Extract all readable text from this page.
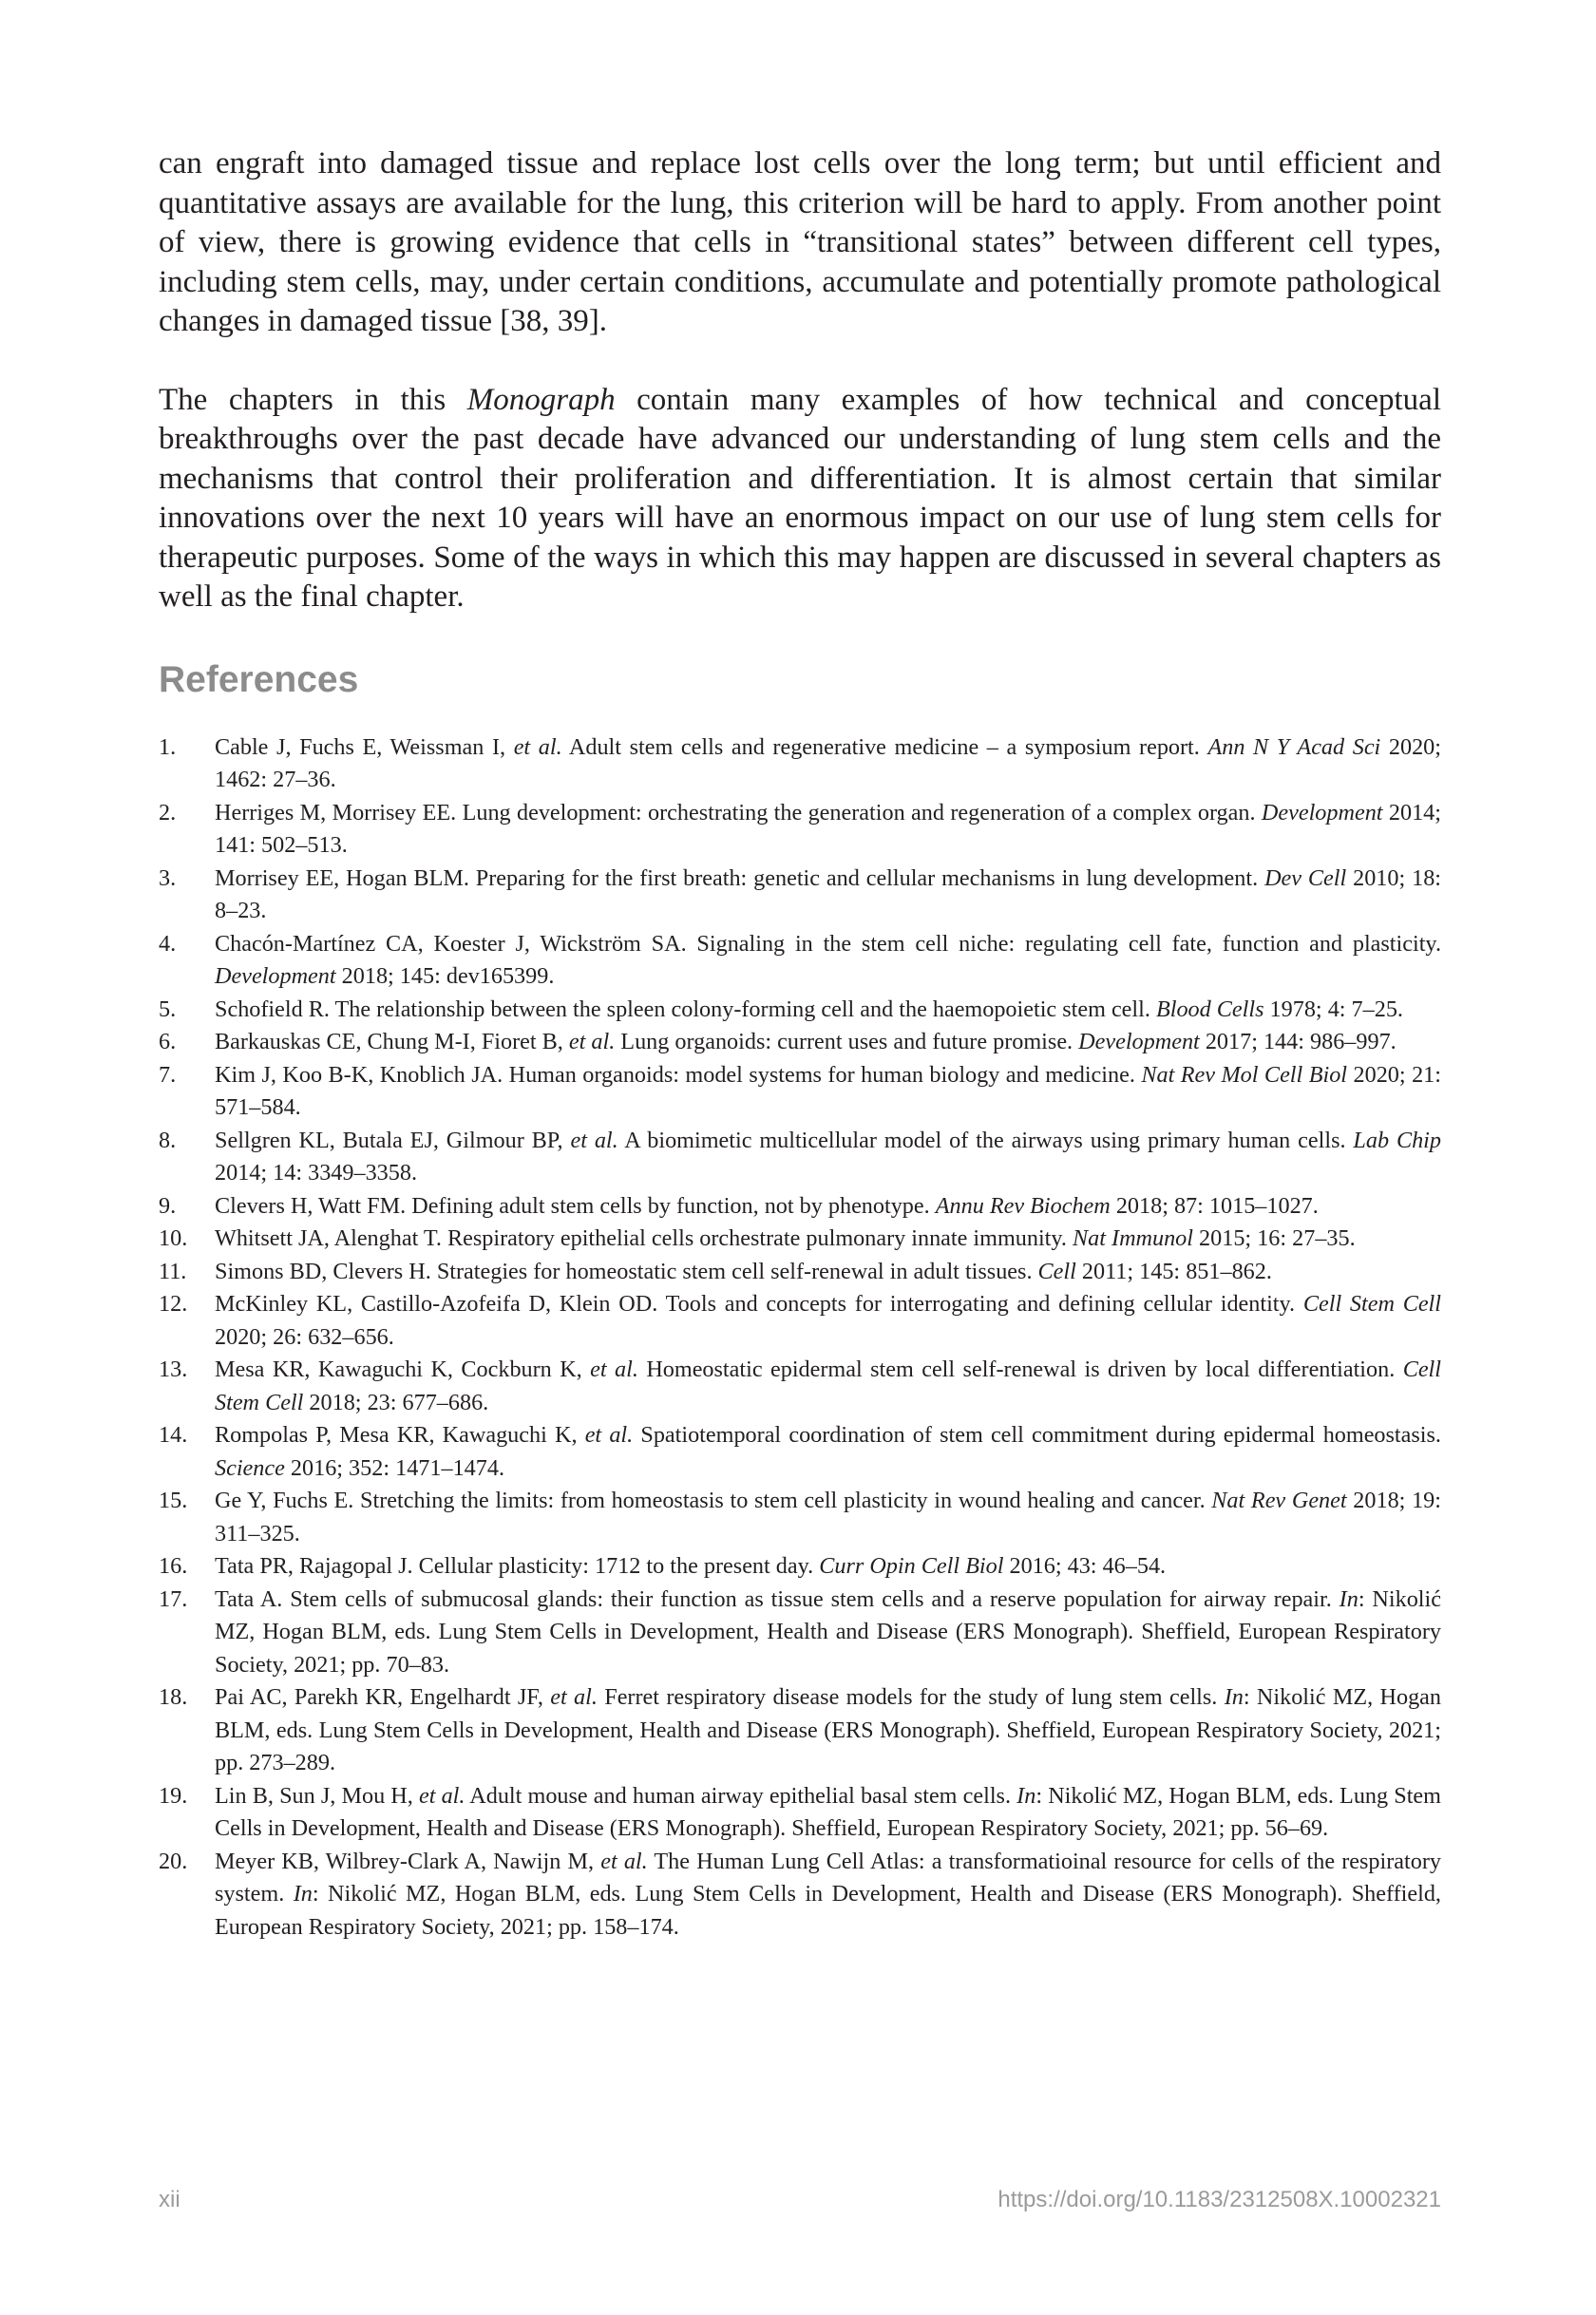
can engraft into damaged tissue and replace lost cells over the long term; but until efficient and quantitative assays are available for the lung, this criterion will be hard to apply. From another point of view, there is growing evidence that cells in “transitional states” between different cell types, including stem cells, may, under certain conditions, accumulate and potentially promote pathological changes in damaged tissue [38, 39].

The chapters in this Monograph contain many examples of how technical and conceptual breakthroughs over the past decade have advanced our understanding of lung stem cells and the mechanisms that control their proliferation and differentiation. It is almost certain that similar innovations over the next 10 years will have an enormous impact on our use of lung stem cells for therapeutic purposes. Some of the ways in which this may happen are discussed in several chapters as well as the final chapter.

References
1. Cable J, Fuchs E, Weissman I, et al. Adult stem cells and regenerative medicine – a symposium report. Ann N Y Acad Sci 2020; 1462: 27–36.
2. Herriges M, Morrisey EE. Lung development: orchestrating the generation and regeneration of a complex organ. Development 2014; 141: 502–513.
3. Morrisey EE, Hogan BLM. Preparing for the first breath: genetic and cellular mechanisms in lung development. Dev Cell 2010; 18: 8–23.
4. Chacón-Martínez CA, Koester J, Wickström SA. Signaling in the stem cell niche: regulating cell fate, function and plasticity. Development 2018; 145: dev165399.
5. Schofield R. The relationship between the spleen colony-forming cell and the haemopoietic stem cell. Blood Cells 1978; 4: 7–25.
6. Barkauskas CE, Chung M-I, Fioret B, et al. Lung organoids: current uses and future promise. Development 2017; 144: 986–997.
7. Kim J, Koo B-K, Knoblich JA. Human organoids: model systems for human biology and medicine. Nat Rev Mol Cell Biol 2020; 21: 571–584.
8. Sellgren KL, Butala EJ, Gilmour BP, et al. A biomimetic multicellular model of the airways using primary human cells. Lab Chip 2014; 14: 3349–3358.
9. Clevers H, Watt FM. Defining adult stem cells by function, not by phenotype. Annu Rev Biochem 2018; 87: 1015–1027.
10. Whitsett JA, Alenghat T. Respiratory epithelial cells orchestrate pulmonary innate immunity. Nat Immunol 2015; 16: 27–35.
11. Simons BD, Clevers H. Strategies for homeostatic stem cell self-renewal in adult tissues. Cell 2011; 145: 851–862.
12. McKinley KL, Castillo-Azofeifa D, Klein OD. Tools and concepts for interrogating and defining cellular identity. Cell Stem Cell 2020; 26: 632–656.
13. Mesa KR, Kawaguchi K, Cockburn K, et al. Homeostatic epidermal stem cell self-renewal is driven by local differentiation. Cell Stem Cell 2018; 23: 677–686.
14. Rompolas P, Mesa KR, Kawaguchi K, et al. Spatiotemporal coordination of stem cell commitment during epidermal homeostasis. Science 2016; 352: 1471–1474.
15. Ge Y, Fuchs E. Stretching the limits: from homeostasis to stem cell plasticity in wound healing and cancer. Nat Rev Genet 2018; 19: 311–325.
16. Tata PR, Rajagopal J. Cellular plasticity: 1712 to the present day. Curr Opin Cell Biol 2016; 43: 46–54.
17. Tata A. Stem cells of submucosal glands: their function as tissue stem cells and a reserve population for airway repair. In: Nikolić MZ, Hogan BLM, eds. Lung Stem Cells in Development, Health and Disease (ERS Monograph). Sheffield, European Respiratory Society, 2021; pp. 70–83.
18. Pai AC, Parekh KR, Engelhardt JF, et al. Ferret respiratory disease models for the study of lung stem cells. In: Nikolić MZ, Hogan BLM, eds. Lung Stem Cells in Development, Health and Disease (ERS Monograph). Sheffield, European Respiratory Society, 2021; pp. 273–289.
19. Lin B, Sun J, Mou H, et al. Adult mouse and human airway epithelial basal stem cells. In: Nikolić MZ, Hogan BLM, eds. Lung Stem Cells in Development, Health and Disease (ERS Monograph). Sheffield, European Respiratory Society, 2021; pp. 56–69.
20. Meyer KB, Wilbrey-Clark A, Nawijn M, et al. The Human Lung Cell Atlas: a transformatioinal resource for cells of the respiratory system. In: Nikolić MZ, Hogan BLM, eds. Lung Stem Cells in Development, Health and Disease (ERS Monograph). Sheffield, European Respiratory Society, 2021; pp. 158–174.
xii	https://doi.org/10.1183/2312508X.10002321
